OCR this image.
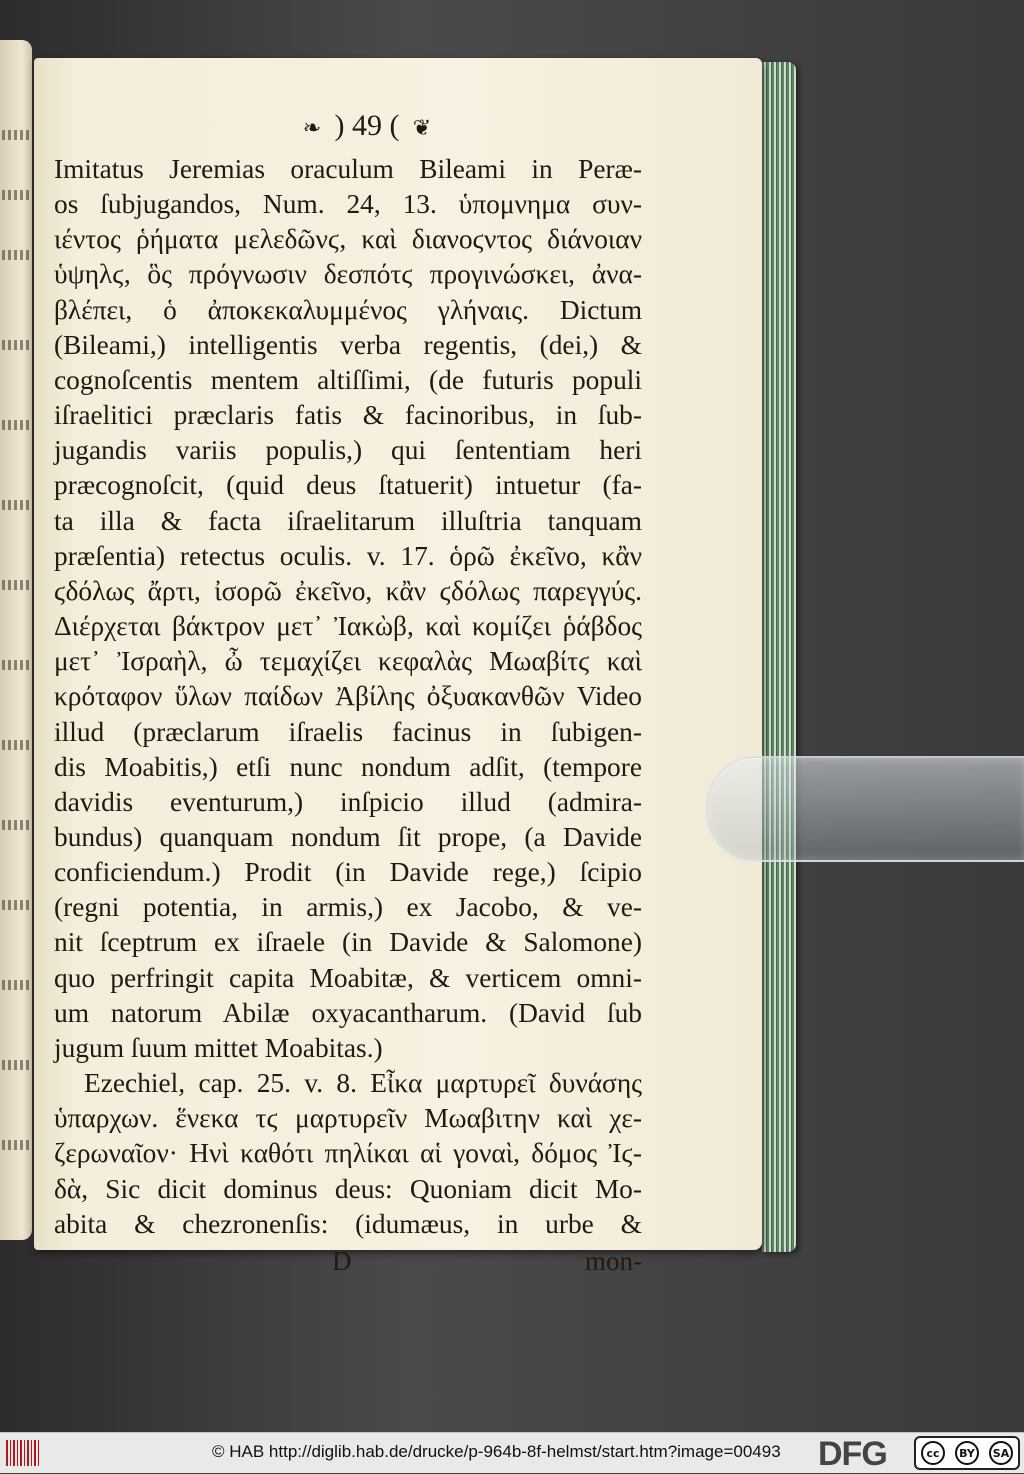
❧ ) 49 ( ❦
Imitatus Jeremias oraculum Bileami in Peræ-
os ſubjugandos, Num. 24, 13. ὑπομνημα συν-
ιέντος ῥήματα μελεδῶνϛ, καὶ διανοϛντος διάνοιαν
ὑψηλϛ, ὃς πρόγνωσιν δεσπότϛ προγινώσκει, ἀνα-
βλέπει, ὁ ἀποκεκαλυμμένος γλήναις. Dictum
(Bileami,) intelligentis verba regentis, (dei,) &
cognoſcentis mentem altiſſimi, (de futuris populi
iſraelitici præclaris fatis & facinoribus, in ſub-
jugandis variis populis,) qui ſententiam heri
præcognoſcit, (quid deus ſtatuerit) intuetur (fa-
ta illa & facta iſraelitarum illuſtria tanquam
præſentia) retectus oculis. v. 17. ὁρῶ ἐκεῖνο, κἂν
ϛδόλως ἄρτι, ἰσορῶ ἐκεῖνο, κἂν ϛδόλως παρεγγύς.
Διέρχεται βάκτρον μετ᾽ Ἰακὼβ, καὶ κομίζει ῥάβδος
μετ᾽ Ἰσραὴλ, ὦ τεμαχίζει κεφαλὰς Μωαβίτϛ καὶ
κρόταφον ὕλων παίδων Ἀβίλης ὀξυακανθῶν Video
illud (præclarum iſraelis facinus in ſubigen-
dis Moabitis,) etſi nunc nondum adſit, (tempore
davidis eventurum,) inſpicio illud (admira-
bundus) quanquam nondum ſit prope, (a Davide
conficiendum.) Prodit (in Davide rege,) ſcipio
(regni potentia, in armis,) ex Jacobo, & ve-
nit ſceptrum ex iſraele (in Davide & Salomone)
quo perfringit capita Moabitæ, & verticem omni-
um natorum Abilæ oxyacantharum. (David ſub
jugum ſuum mittet Moabitas.)
Ezechiel, cap. 25. v. 8. Εἶκα μαρτυρεῖ δυνάσης
ὑπαρχων. ἕνεκα τϛ μαρτυρεῖν Μωαβιτην καὶ χε-
ζερωναῖον· Ηνὶ καθότι πηλίκαι αἱ γοναὶ, δόμος Ἰϛ-
δὰ, Sic dicit dominus deus: Quoniam dicit Mo-
abita & chezronenſis: (idumæus, in urbe &
D	mon-
© HAB http://diglib.hab.de/drucke/p-964b-8f-helmst/start.htm?image=00493 DFG	cc	BY	SA
